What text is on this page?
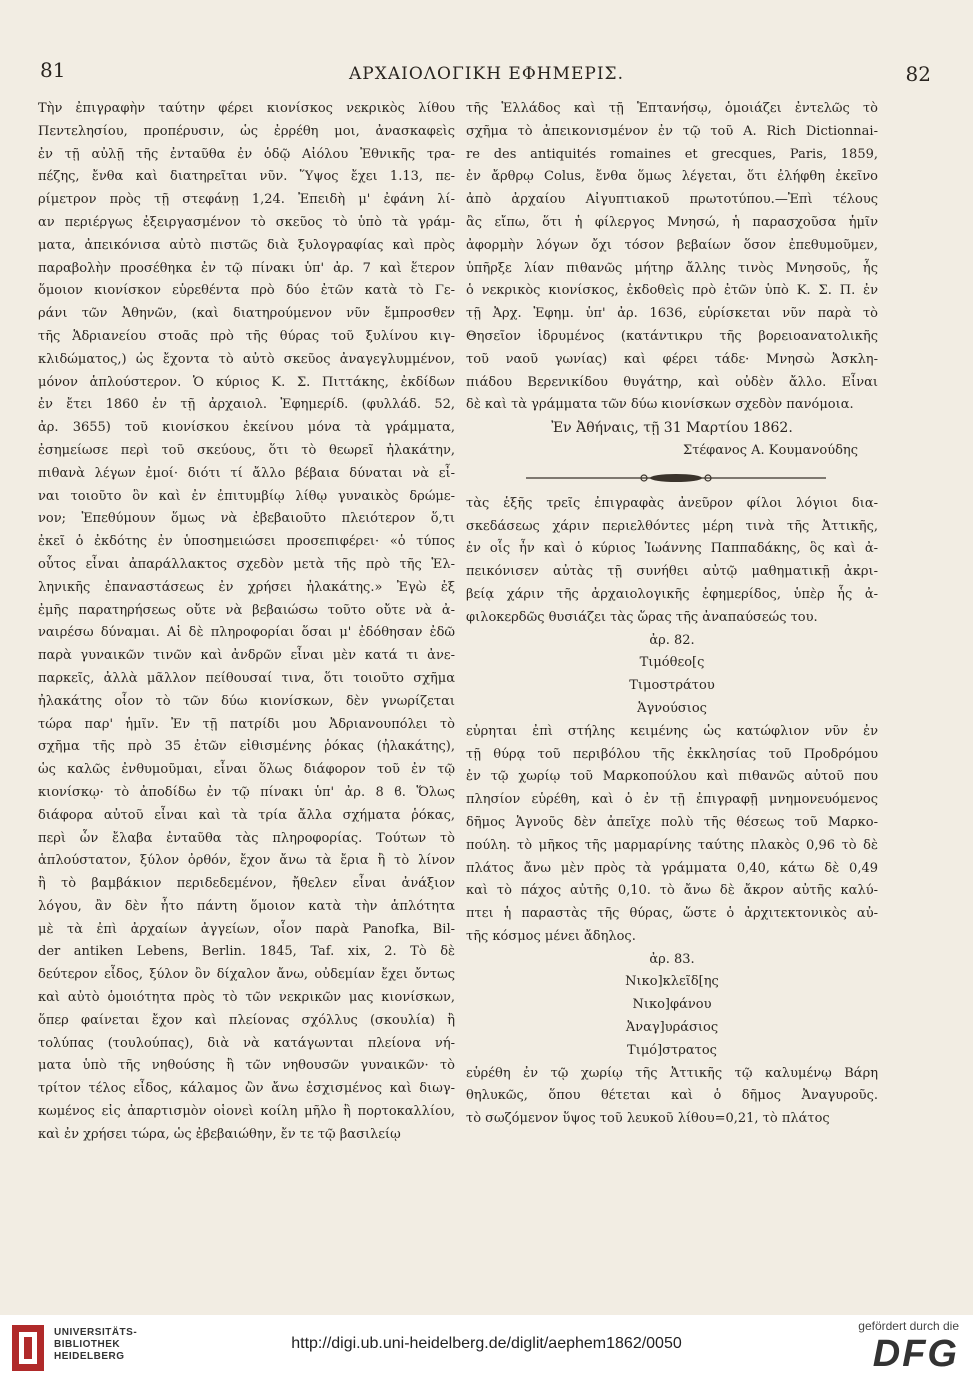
81	ΑΡΧΑΙΟΛΟΓΙΚΗ ΕΦΗΜΕΡΙΣ.	82
Τὴν ἐπιγραφὴν ταύτην φέρει κιονίσκος νεκρικὸς λίθου
Πεντελησίου, προπέρυσιν, ὡς ἐρρέθη μοι, ἀνασκαφεὶς
ἐν τῇ αὐλῇ τῆς ἐνταῦθα ἐν ὁδῷ Αἰόλου Ἐθνικῆς τρα-
πέζης, ἔνθα καὶ διατηρεῖται νῦν. Ὕψος ἔχει 1.13, πε-
ρίμετρον πρὸς τῇ στεφάνῃ 1,24. Ἐπειδὴ μ' ἐφάνη λί-
αν περιέργως ἐξειργασμένον τὸ σκεῦος τὸ ὑπὸ τὰ γράμ-
ματα, ἀπεικόνισα αὐτὸ πιστῶς διὰ ξυλογραφίας καὶ πρὸς
παραβολὴν προσέθηκα ἐν τῷ πίνακι ὑπ' ἀρ. 7 καὶ ἕτερον
ὅμοιον κιονίσκον εὑρεθέντα πρὸ δύο ἐτῶν κατὰ τὸ Γε-
ράνι τῶν Ἀθηνῶν, (καὶ διατηρούμενον νῦν ἔμπροσθεν
τῆς Ἁδριανείου στοᾶς πρὸ τῆς θύρας τοῦ ξυλίνου κιγ-
κλιδώματος,) ὡς ἔχοντα τὸ αὐτὸ σκεῦος ἀναγεγλυμμένον,
μόνον ἁπλούστερον. Ὁ κύριος Κ. Σ. Πιττάκης, ἐκδίδων
ἐν ἔτει 1860 ἐν τῇ ἀρχαιολ. Ἐφημερίδ. (φυλλάδ. 52,
ἀρ. 3655) τοῦ κιονίσκου ἐκείνου μόνα τὰ γράμματα,
ἐσημείωσε περὶ τοῦ σκεύους, ὅτι τὸ θεωρεῖ ἠλακάτην,
πιθανὰ λέγων ἐμοί· διότι τί ἄλλο βέβαια δύναται νὰ εἶ-
ναι τοιοῦτο ὃν καὶ ἐν ἐπιτυμβίῳ λίθῳ γυναικὸς δρώμε-
νον; Ἐπεθύμουν ὅμως νὰ ἐβεβαιοῦτο πλειότερον ὅ,τι
ἐκεῖ ὁ ἐκδότης ἐν ὑποσημειώσει προσεπιφέρει· «ὁ τύπος
οὗτος εἶναι ἀπαράλλακτος σχεδὸν μετὰ τῆς πρὸ τῆς Ἑλ-
ληνικῆς ἐπαναστάσεως ἐν χρήσει ἠλακάτης.» Ἐγὼ ἐξ
ἐμῆς παρατηρήσεως οὔτε νὰ βεβαιώσω τοῦτο οὔτε νὰ ἀ-
ναιρέσω δύναμαι. Αἱ δὲ πληροφορίαι ὅσαι μ' ἐδόθησαν ἐδῶ
παρὰ γυναικῶν τινῶν καὶ ἀνδρῶν εἶναι μὲν κατά τι ἀνε-
παρκεῖς, ἀλλὰ μᾶλλον πείθουσαί τινα, ὅτι τοιοῦτο σχῆμα
ἠλακάτης οἷον τὸ τῶν δύω κιονίσκων, δὲν γνωρίζεται
τώρα παρ' ἡμῖν. Ἐν τῇ πατρίδι μου Ἀδριανουπόλει τὸ
σχῆμα τῆς πρὸ 35 ἐτῶν εἰθισμένης ῥόκας (ἠλακάτης),
ὡς καλῶς ἐνθυμοῦμαι, εἶναι ὅλως διάφορον τοῦ ἐν τῷ
κιονίσκῳ· τὸ ἀποδίδω ἐν τῷ πίνακι ὑπ' ἀρ. 8 ϐ. Ὅλως
διάφορα αὐτοῦ εἶναι καὶ τὰ τρία ἄλλα σχήματα ῥόκας,
περὶ ὧν ἔλαβα ἐνταῦθα τὰς πληροφορίας. Τούτων τὸ
ἁπλούστατον, ξύλον ὀρθόν, ἔχον ἄνω τὰ ἔρια ἢ τὸ λίνον
ἢ τὸ βαμβάκιον περιδεδεμένον, ἤθελεν εἶναι ἀνάξιον
λόγου, ἂν δὲν ἦτο πάντη ὅμοιον κατὰ τὴν ἁπλότητα
μὲ τὰ ἐπὶ ἀρχαίων ἀγγείων, οἷον παρὰ Panofka, Bil-
der antiken Lebens, Berlin. 1845, Taf. xix, 2. Τὸ δὲ
δεύτερον εἶδος, ξύλον ὂν δίχαλον ἄνω, οὐδεμίαν ἔχει ὄντως
καὶ αὐτὸ ὁμοιότητα πρὸς τὸ τῶν νεκρικῶν μας κιονίσκων,
ὅπερ φαίνεται ἔχον καὶ πλείονας σχόλλυς (σκουλία) ἢ
τολύπας (τουλούπας), διὰ νὰ κατάγωνται πλείονα νή-
ματα ὑπὸ τῆς νηθούσης ἢ τῶν νηθουσῶν γυναικῶν· τὸ
τρίτον τέλος εἶδος, κάλαμος ὢν ἄνω ἐσχισμένος καὶ διωγ-
κωμένος εἰς ἀπαρτισμὸν οἱονεὶ κοίλη μῆλο ἢ πορτοκαλλίου,
καὶ ἐν χρήσει τώρα, ὡς ἐβεβαιώθην, ἔν τε τῷ βασιλείῳ
τῆς Ἑλλάδος καὶ τῇ Ἑπτανήσῳ, ὁμοιάζει ἐντελῶς τὸ
σχῆμα τὸ ἀπεικονισμένον ἐν τῷ τοῦ A. Rich Dictionnai-
re des antiquités romaines et grecques, Paris, 1859,
ἐν ἄρθρῳ Colus, ἔνθα ὅμως λέγεται, ὅτι ἐλήφθη ἐκεῖνο
ἀπὸ ἀρχαίου Αἰγυπτιακοῦ πρωτοτύπου.—Ἐπὶ τέλους
ἂς εἴπω, ὅτι ἡ φίλεργος Μνησώ, ἡ παρασχοῦσα ἡμῖν
ἀφορμὴν λόγων ὄχι τόσον βεβαίων ὅσον ἐπεθυμοῦμεν,
ὑπῆρξε λίαν πιθανῶς μήτηρ ἄλλης τινὸς Μνησοῦς, ἧς
ὁ νεκρικὸς κιονίσκος, ἐκδοθεὶς πρὸ ἐτῶν ὑπὸ Κ. Σ. Π. ἐν
τῇ Ἀρχ. Ἐφημ. ὑπ' ἀρ. 1636, εὑρίσκεται νῦν παρὰ τὸ
Θησεῖον ἱδρυμένος (κατάντικρυ τῆς βορειοανατολικῆς
τοῦ ναοῦ γωνίας) καὶ φέρει τάδε· Μνησὼ Ἀσκλη-
πιάδου Βερενικίδου θυγάτηρ, καὶ οὐδὲν ἄλλο. Εἶναι
δὲ καὶ τὰ γράμματα τῶν δύω κιονίσκων σχεδὸν πανόμοια.
Ἐν Ἀθήναις, τῇ 31 Μαρτίου 1862.
Στέφανος Α. Κουμανούδης
τὰς ἑξῆς τρεῖς ἐπιγραφὰς ἀνεῦρον φίλοι λόγιοι δια-
σκεδάσεως χάριν περιελθόντες μέρη τινὰ τῆς Ἀττικῆς,
ἐν οἷς ἦν καὶ ὁ κύριος Ἰωάννης Παππαδάκης, ὃς καὶ ἀ-
πεικόνισεν αὐτὰς τῇ συνήθει αὐτῷ μαθηματικῇ ἀκρι-
βείᾳ χάριν τῆς ἀρχαιολογικῆς ἐφημερίδος, ὑπὲρ ἧς ἀ-
φιλοκερδῶς θυσιάζει τὰς ὥρας τῆς ἀναπαύσεώς του.
ἀρ. 82.
Τιμόθεο[ς
Τιμοστράτου
Ἁγνούσιος
εὑρηται ἐπὶ στήλης κειμένης ὡς κατώφλιον νῦν ἐν
τῇ θύρᾳ τοῦ περιβόλου τῆς ἐκκλησίας τοῦ Προδρόμου
ἐν τῷ χωρίῳ τοῦ Μαρκοπούλου καὶ πιθανῶς αὐτοῦ που
πλησίον εὑρέθη, καὶ ὁ ἐν τῇ ἐπιγραφῇ μνημονευόμενος
δῆμος Ἁγνοῦς δὲν ἀπεῖχε πολὺ τῆς θέσεως τοῦ Μαρκο-
πούλη. τὸ μῆκος τῆς μαρμαρίνης ταύτης πλακὸς 0,96 τὸ δὲ
πλάτος ἄνω μὲν πρὸς τὰ γράμματα 0,40, κάτω δὲ 0,49
καὶ τὸ πάχος αὐτῆς 0,10. τὸ ἄνω δὲ ἄκρον αὐτῆς καλύ-
πτει ἡ παραστὰς τῆς θύρας, ὥστε ὁ ἀρχιτεκτονικὸς αὐ-
τῆς κόσμος μένει ἄδηλος.
ἀρ. 83.
Νικο]κλεῖδ[ης
Νικο]φάνου
Ἀναγ]υράσιος
Τιμό]στρατος
εὑρέθη ἐν τῷ χωρίῳ τῆς Ἀττικῆς τῷ καλυμένῳ Βάρη
θηλυκῶς, ὅπου θέτεται καὶ ὁ δῆμος Ἀναγυροῦς.
τὸ σωζόμενον ὕψος τοῦ λευκοῦ λίθου=0,21, τὸ πλάτος
UNIVERSITÄTS-
BIBLIOTHEK
HEIDELBERG
http://digi.ub.uni-heidelberg.de/diglit/aephem1862/0050
gefördert durch die
DFG
